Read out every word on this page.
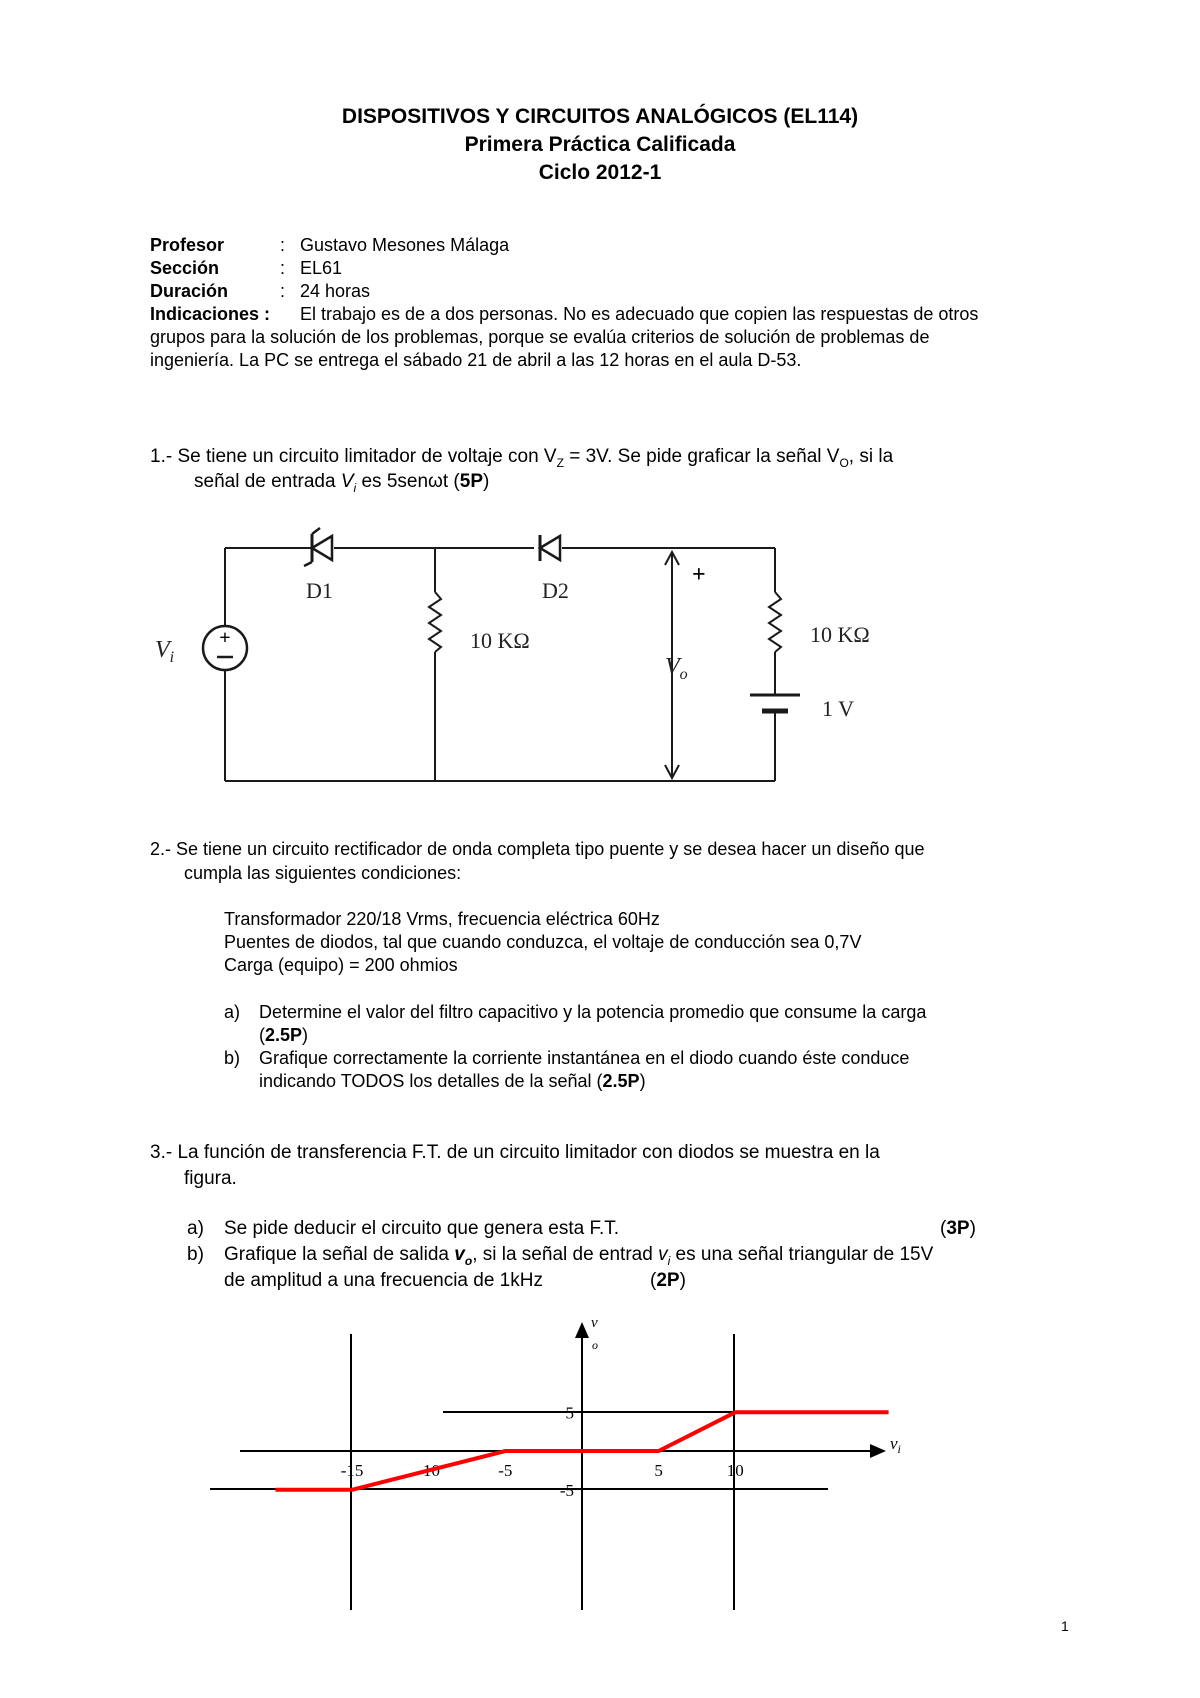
DISPOSITIVOS Y CIRCUITOS ANALÓGICOS (EL114)
Primera Práctica Calificada
Ciclo 2012-1
Profesor	: Gustavo Mesones Málaga
Sección	: EL61
Duración	: 24 horas
Indicaciones : El trabajo es de a dos personas. No es adecuado que copien las respuestas de otros
grupos para la solución de los problemas, porque se evalúa criterios de solución de problemas de
ingeniería. La PC se entrega el sábado 21 de abril a las 12 horas en el aula D-53.
1.- Se tiene un circuito limitador de voltaje con $V_Z = 3V$. Se pide graficar la señal $V_O$, si la
señal de entrada $V_i$ es 5senωt (5P)
+
+
D1	D2
10 KΩ	10 KΩ
1 V
$V_i$	$V_o$
2.- Se tiene un circuito rectificador de onda completa tipo puente y se desea hacer un diseño que
cumpla las siguientes condiciones:
Transformador 220/18 Vrms, frecuencia eléctrica 60Hz
Puentes de diodos, tal que cuando conduzca, el voltaje de conducción sea 0,7V
Carga (equipo) = 200 ohmios
a) Determine el valor del filtro capacitivo y la potencia promedio que consume la carga
(2.5P)
b) Grafique correctamente la corriente instantánea en el diodo cuando éste conduce
indicando TODOS los detalles de la señal (2.5P)
3.- La función de transferencia F.T. de un circuito limitador con diodos se muestra en la
figura.
a) Se pide deducir el circuito que genera esta F.T.	(3P)
b) Grafique la señal de salida $v_o$, si la señal de entrad $v_i$ es una señal triangular de 15V
de amplitud a una frecuencia de 1kHz	(2P)
-15	-10	-5	5	10
5
-5
v o
$v_i$
1
